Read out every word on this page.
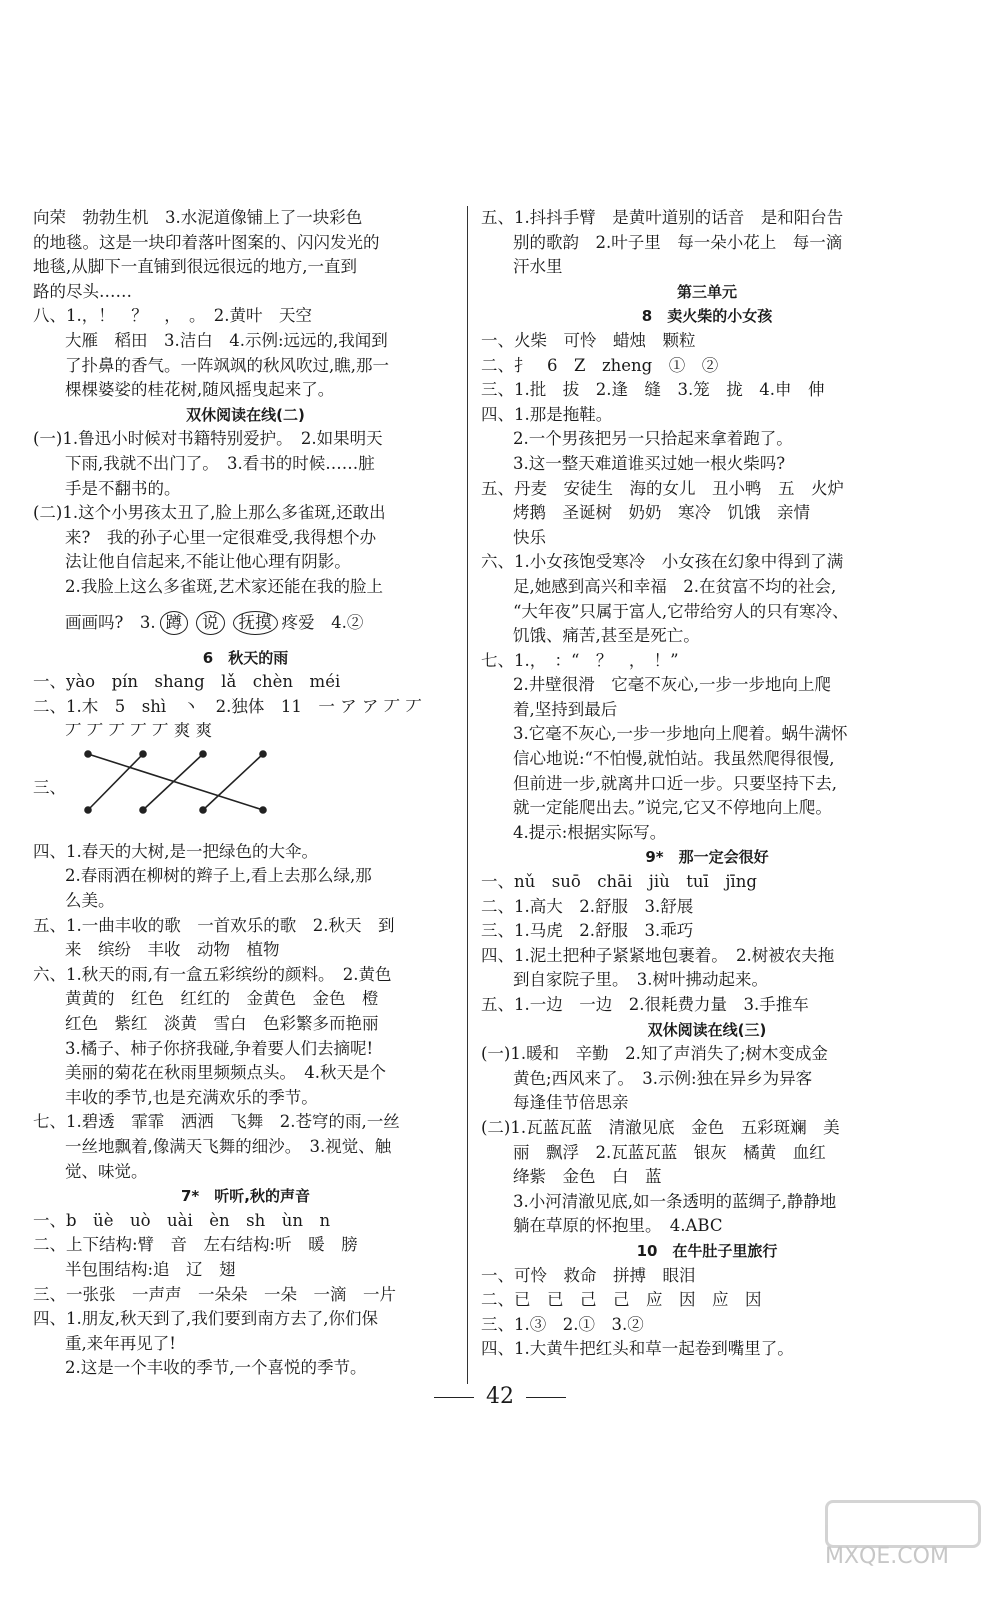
向荣　勃勃生机　3.水泥道像铺上了一块彩色
的地毯。这是一块印着落叶图案的、闪闪发光的
地毯,从脚下一直铺到很远很远的地方,一直到
路的尽头……
八、1.，！　？　，　。　2.黄叶　天空
大雁　稻田　3.洁白　4.示例:远远的,我闻到
了扑鼻的香气。一阵飒飒的秋风吹过,瞧,那一
棵棵婆娑的桂花树,随风摇曳起来了。
双休阅读在线(二)
(一)1.鲁迅小时候对书籍特别爱护。　2.如果明天
下雨,我就不出门了。　3.看书的时候……脏
手是不翻书的。
(二)1.这个小男孩太丑了,脸上那么多雀斑,还敢出
来?　我的孙子心里一定很难受,我得想个办
法让他自信起来,不能让他心理有阴影。
2.我脸上这么多雀斑,艺术家还能在我的脸上
画画吗?　3. 蹲 说 抚摸 疼爱　4.②
6　秋天的雨
一、yào　pín　shang　lǎ　chèn　méi
二、1.木　5　shì　丶　2.独体　11　一 ア ア 丆 丆
丆 丆 丆 丆 丆 爽 爽
三、
四、1.春天的大树,是一把绿色的大伞。
2.春雨洒在柳树的辫子上,看上去那么绿,那
么美。
五、1.一曲丰收的歌　一首欢乐的歌　2.秋天　到
来　缤纷　丰收　动物　植物
六、1.秋天的雨,有一盒五彩缤纷的颜料。　2.黄色
黄黄的　红色　红红的　金黄色　金色　橙
红色　紫红　淡黄　雪白　色彩繁多而艳丽
3.橘子、柿子你挤我碰,争着要人们去摘呢!
美丽的菊花在秋雨里频频点头。　4.秋天是个
丰收的季节,也是充满欢乐的季节。
七、1.碧透　霏霏　洒洒　飞舞　2.苍穹的雨,一丝
一丝地飘着,像满天飞舞的细沙。　3.视觉、触
觉、味觉。
7*　听听,秋的声音
一、b　üè　uò　uài　èn　sh　ùn　n
二、上下结构:臂　音　左右结构:听　暖　膀
半包围结构:追　辽　翅
三、一张张　一声声　一朵朵　一朵　一滴　一片
四、1.朋友,秋天到了,我们要到南方去了,你们保
重,来年再见了!
2.这是一个丰收的季节,一个喜悦的季节。
五、1.抖抖手臂　是黄叶道别的话音　是和阳台告
别的歌韵　2.叶子里　每一朵小花上　每一滴
汗水里
第三单元
8　卖火柴的小女孩
一、火柴　可怜　蜡烛　颗粒
二、扌　6　Z　zheng　①　②
三、1.批　拔　2.逢　缝　3.笼　拢　4.申　伸
四、1.那是拖鞋。
2.一个男孩把另一只拾起来拿着跑了。
3.这一整天难道谁买过她一根火柴吗?
五、丹麦　安徒生　海的女儿　丑小鸭　五　火炉
烤鹅　圣诞树　奶奶　寒冷　饥饿　亲情
快乐
六、1.小女孩饱受寒冷　小女孩在幻象中得到了满
足,她感到高兴和幸福　2.在贫富不均的社会,
“大年夜”只属于富人,它带给穷人的只有寒冷、
饥饿、痛苦,甚至是死亡。
七、1.，　：“　？　，　！”
2.井壁很滑　它毫不灰心,一步一步地向上爬
着,坚持到最后
3.它毫不灰心,一步一步地向上爬着。蜗牛满怀
信心地说:“不怕慢,就怕站。我虽然爬得很慢,
但前进一步,就离井口近一步。只要坚持下去,
就一定能爬出去。”说完,它又不停地向上爬。
4.提示:根据实际写。
9*　那一定会很好
一、nǔ　suō　chāi　jiù　tuī　jīng
二、1.高大　2.舒服　3.舒展
三、1.马虎　2.舒服　3.乖巧
四、1.泥土把种子紧紧地包裹着。　2.树被农夫拖
到自家院子里。　3.树叶拂动起来。
五、1.一边　一边　2.很耗费力量　3.手推车
双休阅读在线(三)
(一)1.暖和　辛勤　2.知了声消失了;树木变成金
黄色;西风来了。　3.示例:独在异乡为异客
每逢佳节倍思亲
(二)1.瓦蓝瓦蓝　清澈见底　金色　五彩斑斓　美
丽　飘浮　2.瓦蓝瓦蓝　银灰　橘黄　血红
绛紫　金色　白　蓝
3.小河清澈见底,如一条透明的蓝绸子,静静地
躺在草原的怀抱里。　4.ABC
10　在牛肚子里旅行
一、可怜　救命　拼搏　眼泪
二、已　已　己　己　应　因　应　因
三、1.③　2.①　3.②
四、1.大黄牛把红头和草一起卷到嘴里了。
42
MXQE.COM
